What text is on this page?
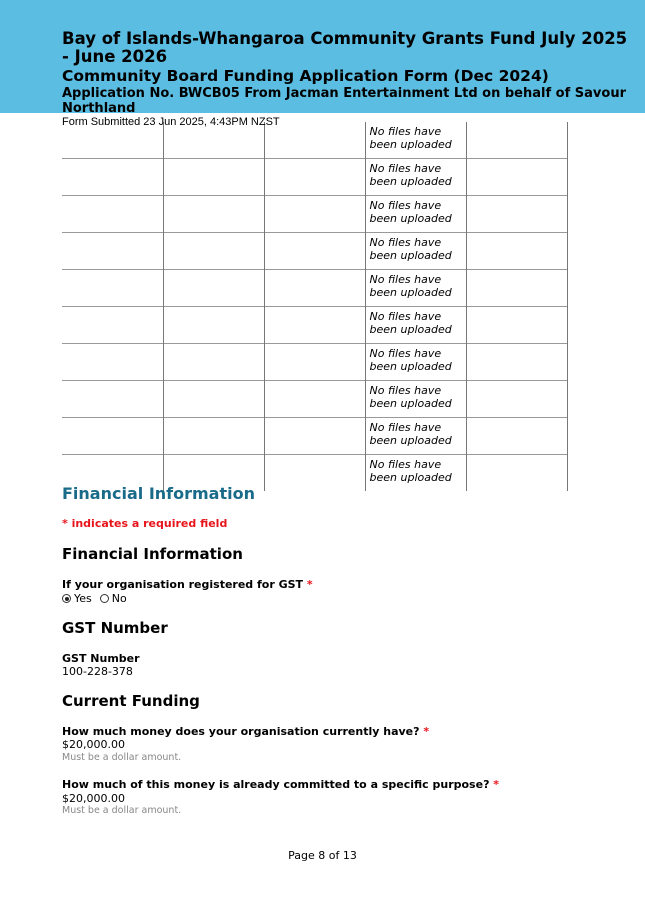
Bay of Islands-Whangaroa Community Grants Fund July 2025 - June 2026
Community Board Funding Application Form (Dec 2024)
Application No. BWCB05 From Jacman Entertainment Ltd on behalf of Savour Northland
			No files have been uploaded	
			No files have been uploaded	
			No files have been uploaded	
			No files have been uploaded	
			No files have been uploaded	
			No files have been uploaded	
			No files have been uploaded	
			No files have been uploaded	
			No files have been uploaded	
			No files have been uploaded	
Form Submitted 23 Jun 2025, 4:43PM NZST
Financial Information
* indicates a required field
Financial Information
If your organisation registered for GST *
Yes No
GST Number
GST Number
100-228-378
Current Funding
How much money does your organisation currently have? *
$20,000.00
Must be a dollar amount.
How much of this money is already committed to a specific purpose? *
$20,000.00
Must be a dollar amount.
Page 8 of 13
